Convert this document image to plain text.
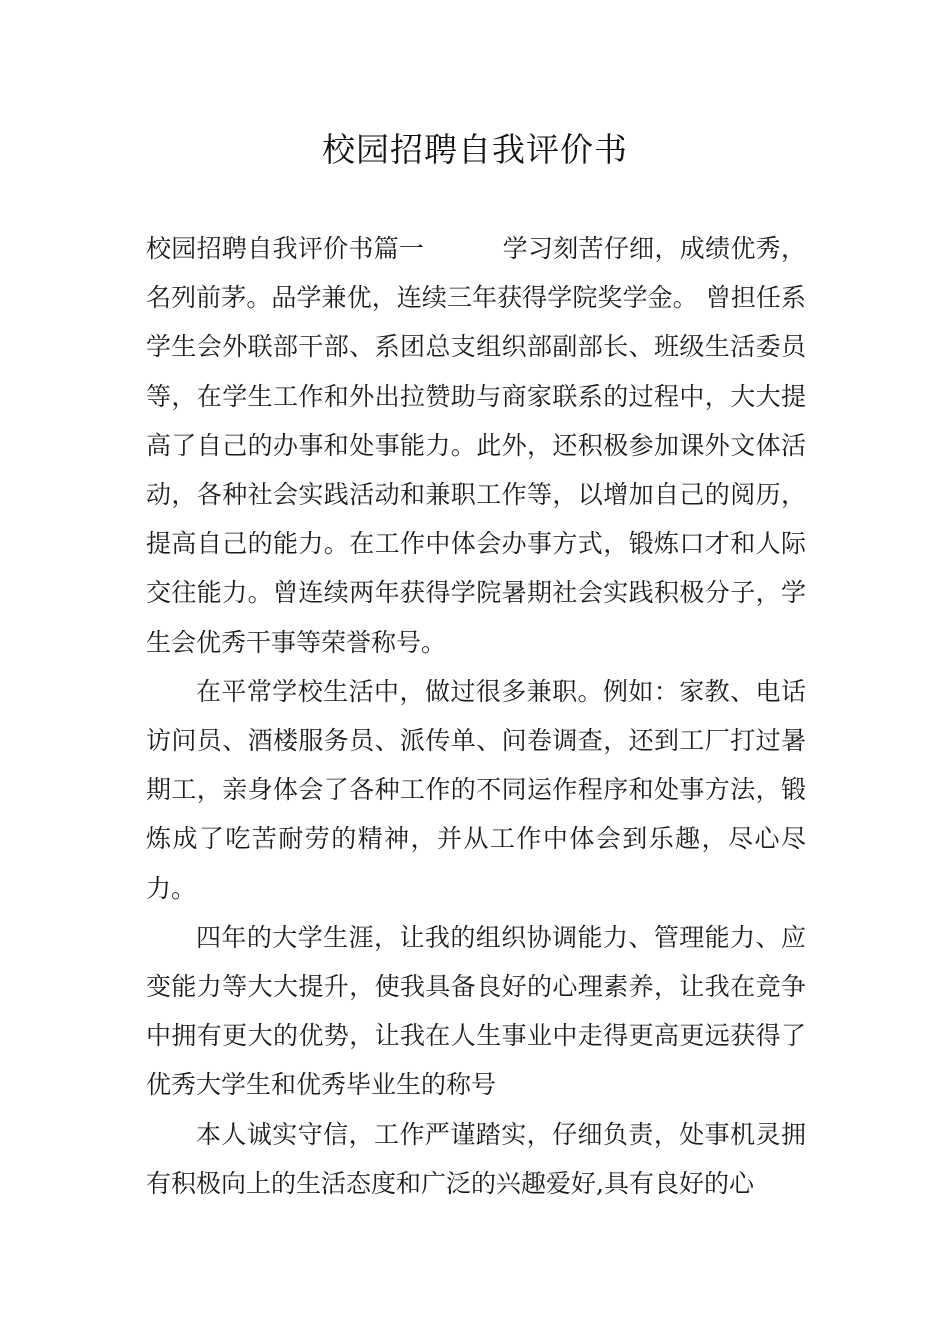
校园招聘自我评价书

校园招聘自我评价书篇一	学习刻苦仔细，成绩优秀，名列前茅。品学兼优，连续三年获得学院奖学金。 曾担任系学生会外联部干部、系团总支组织部副部长、班级生活委员等，在学生工作和外出拉赞助与商家联系的过程中，大大提高了自己的办事和处事能力。此外，还积极参加课外文体活动，各种社会实践活动和兼职工作等，以增加自己的阅历，提高自己的能力。在工作中体会办事方式，锻炼口才和人际交往能力。曾连续两年获得学院暑期社会实践积极分子，学生会优秀干事等荣誉称号。

在平常学校生活中，做过很多兼职。例如：家教、电话访问员、酒楼服务员、派传单、问卷调查，还到工厂打过暑期工，亲身体会了各种工作的不同运作程序和处事方法，锻炼成了吃苦耐劳的精神，并从工作中体会到乐趣，尽心尽力。

四年的大学生涯，让我的组织协调能力、管理能力、应变能力等大大提升，使我具备良好的心理素养，让我在竞争中拥有更大的优势，让我在人生事业中走得更高更远获得了优秀大学生和优秀毕业生的称号

本人诚实守信，工作严谨踏实，仔细负责，处事机灵拥有积极向上的生活态度和广泛的兴趣爱好,具有良好的心
